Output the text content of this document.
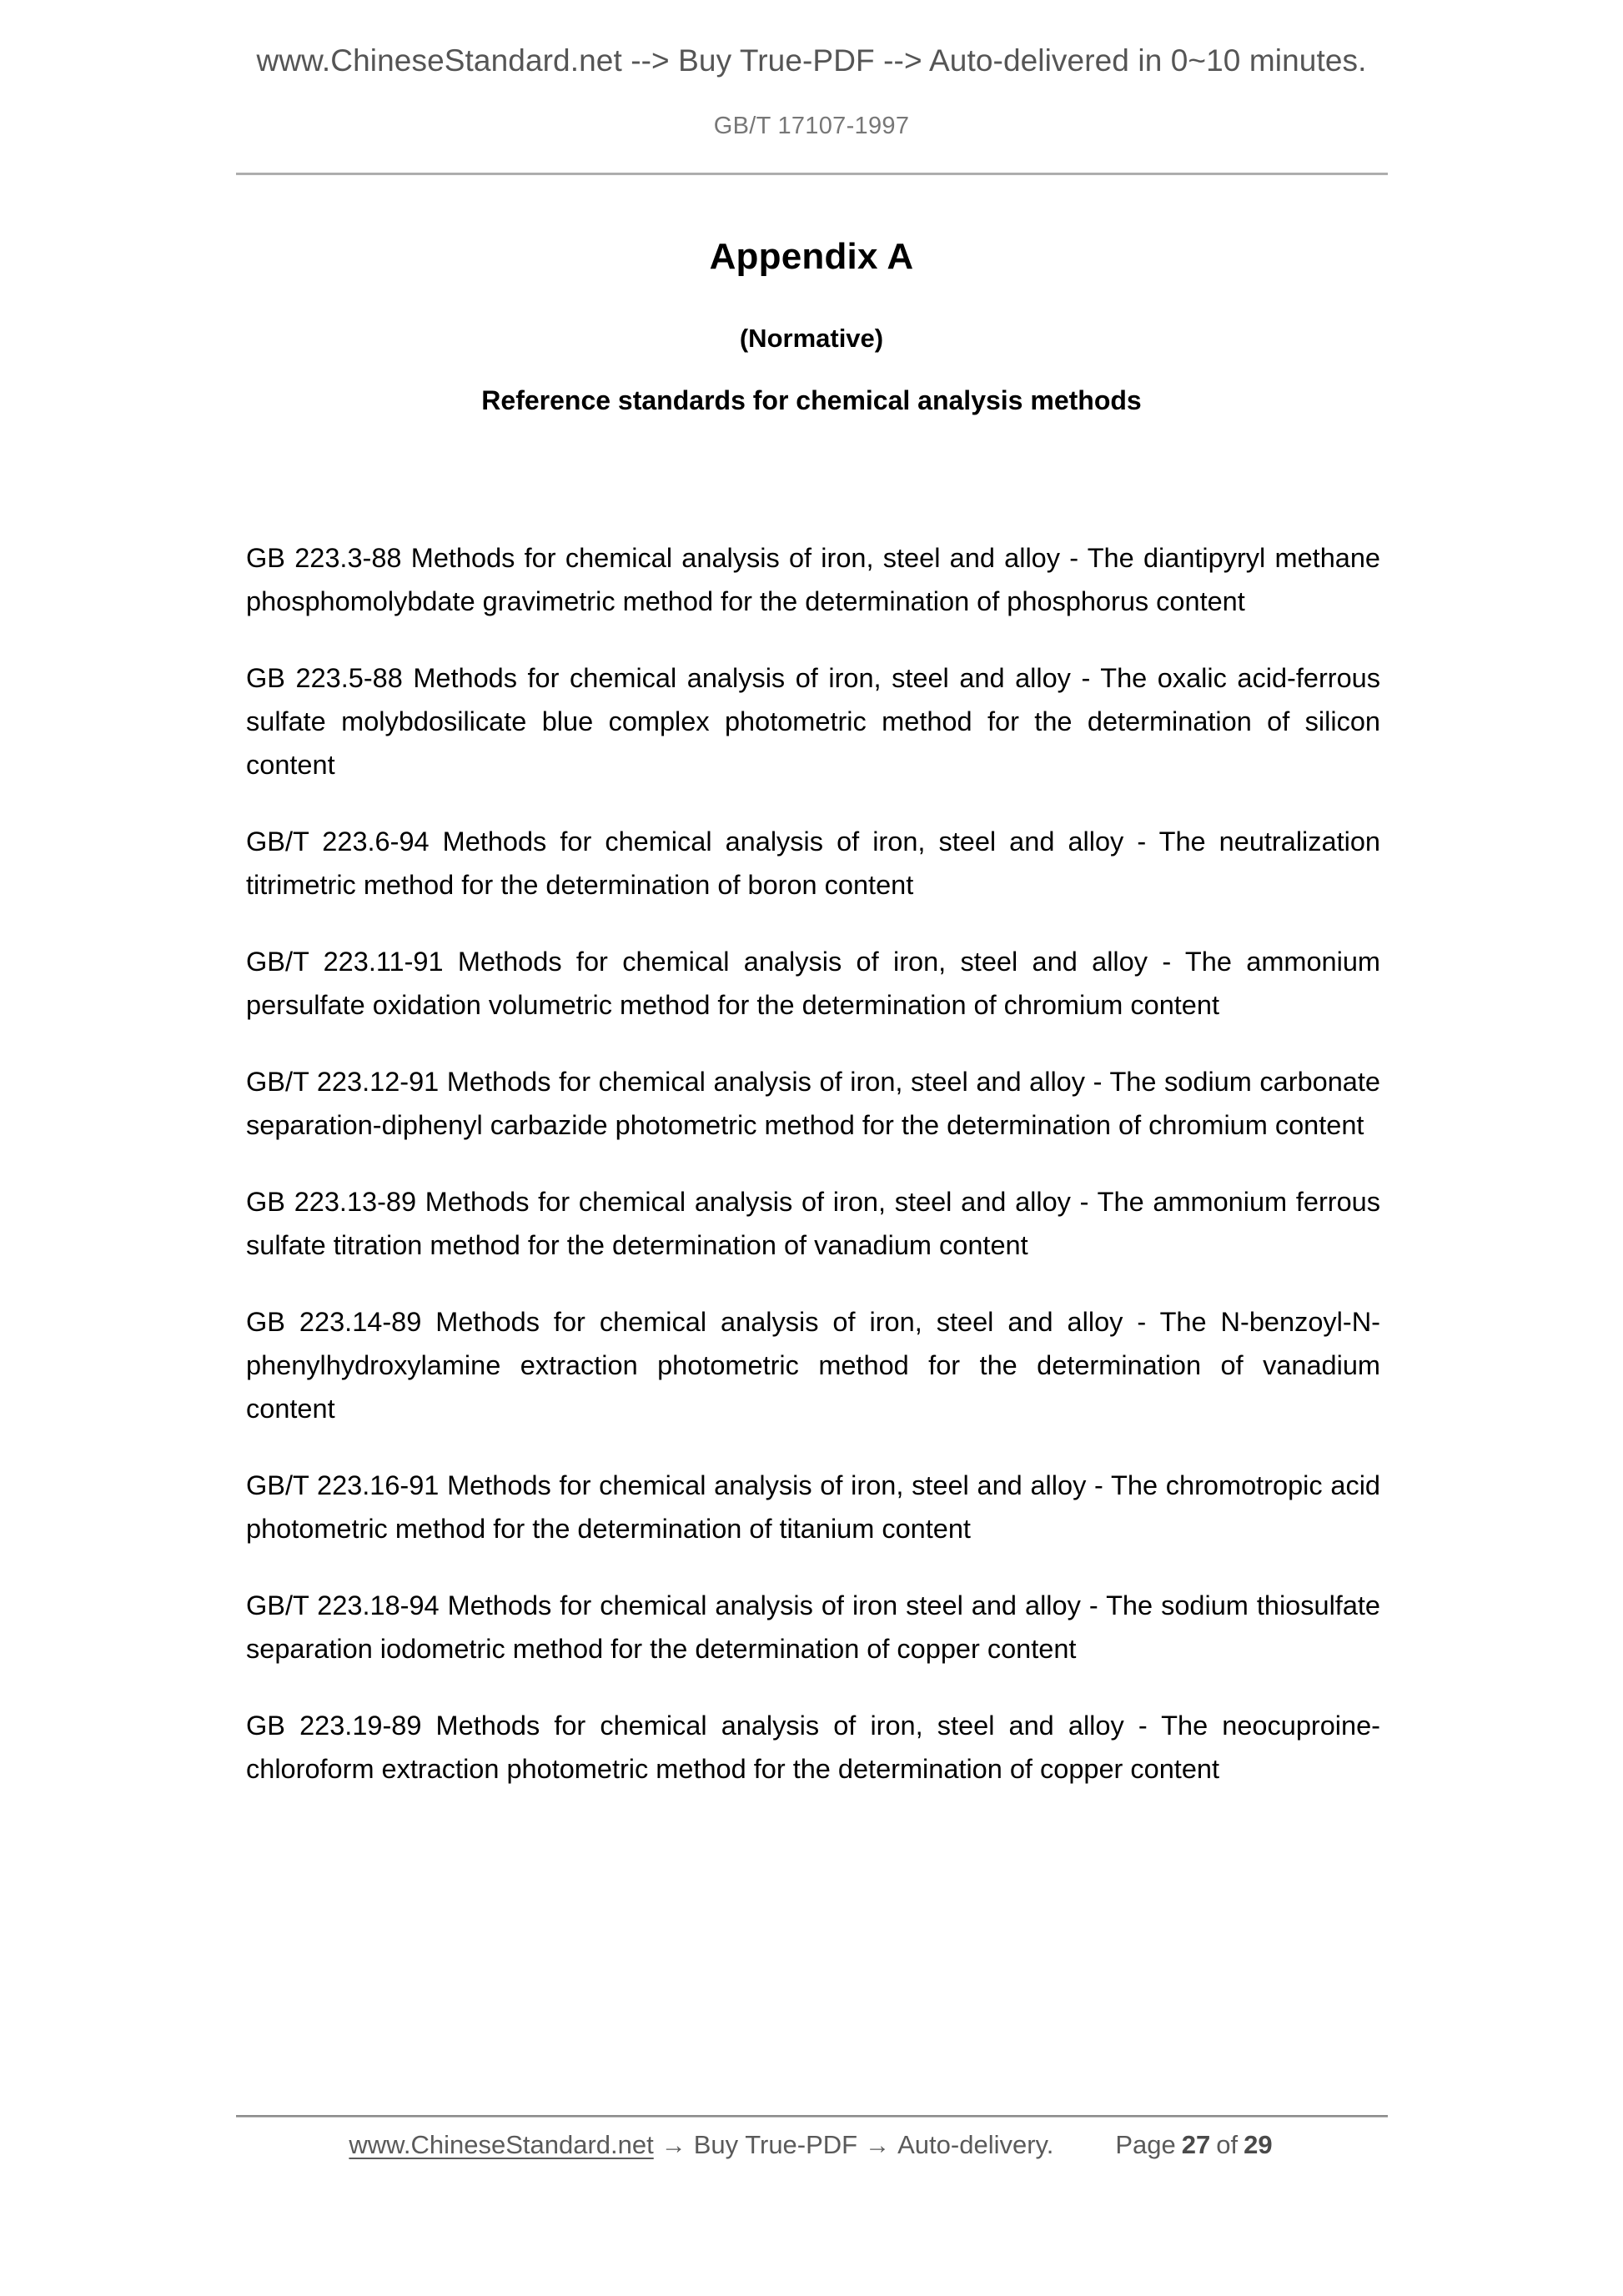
www.ChineseStandard.net --> Buy True-PDF --> Auto-delivered in 0~10 minutes.
GB/T 17107-1997
Appendix A
(Normative)
Reference standards for chemical analysis methods

GB 223.3-88 Methods for chemical analysis of iron, steel and alloy - The diantipyryl methane phosphomolybdate gravimetric method for the determination of phosphorus content

GB 223.5-88 Methods for chemical analysis of iron, steel and alloy - The oxalic acid-ferrous sulfate molybdosilicate blue complex photometric method for the determination of silicon content

GB/T 223.6-94 Methods for chemical analysis of iron, steel and alloy - The neutralization titrimetric method for the determination of boron content

GB/T 223.11-91 Methods for chemical analysis of iron, steel and alloy - The ammonium persulfate oxidation volumetric method for the determination of chromium content

GB/T 223.12-91 Methods for chemical analysis of iron, steel and alloy - The sodium carbonate separation-diphenyl carbazide photometric method for the determination of chromium content

GB 223.13-89 Methods for chemical analysis of iron, steel and alloy - The ammonium ferrous sulfate titration method for the determination of vanadium content

GB 223.14-89 Methods for chemical analysis of iron, steel and alloy - The N-benzoyl-N-phenylhydroxylamine extraction photometric method for the determination of vanadium content

GB/T 223.16-91 Methods for chemical analysis of iron, steel and alloy - The chromotropic acid photometric method for the determination of titanium content

GB/T 223.18-94 Methods for chemical analysis of iron steel and alloy - The sodium thiosulfate separation iodometric method for the determination of copper content

GB 223.19-89 Methods for chemical analysis of iron, steel and alloy - The neocuproine-chloroform extraction photometric method for the determination of copper content

www.ChineseStandard.net → Buy True-PDF → Auto-delivery. Page 27 of 29
